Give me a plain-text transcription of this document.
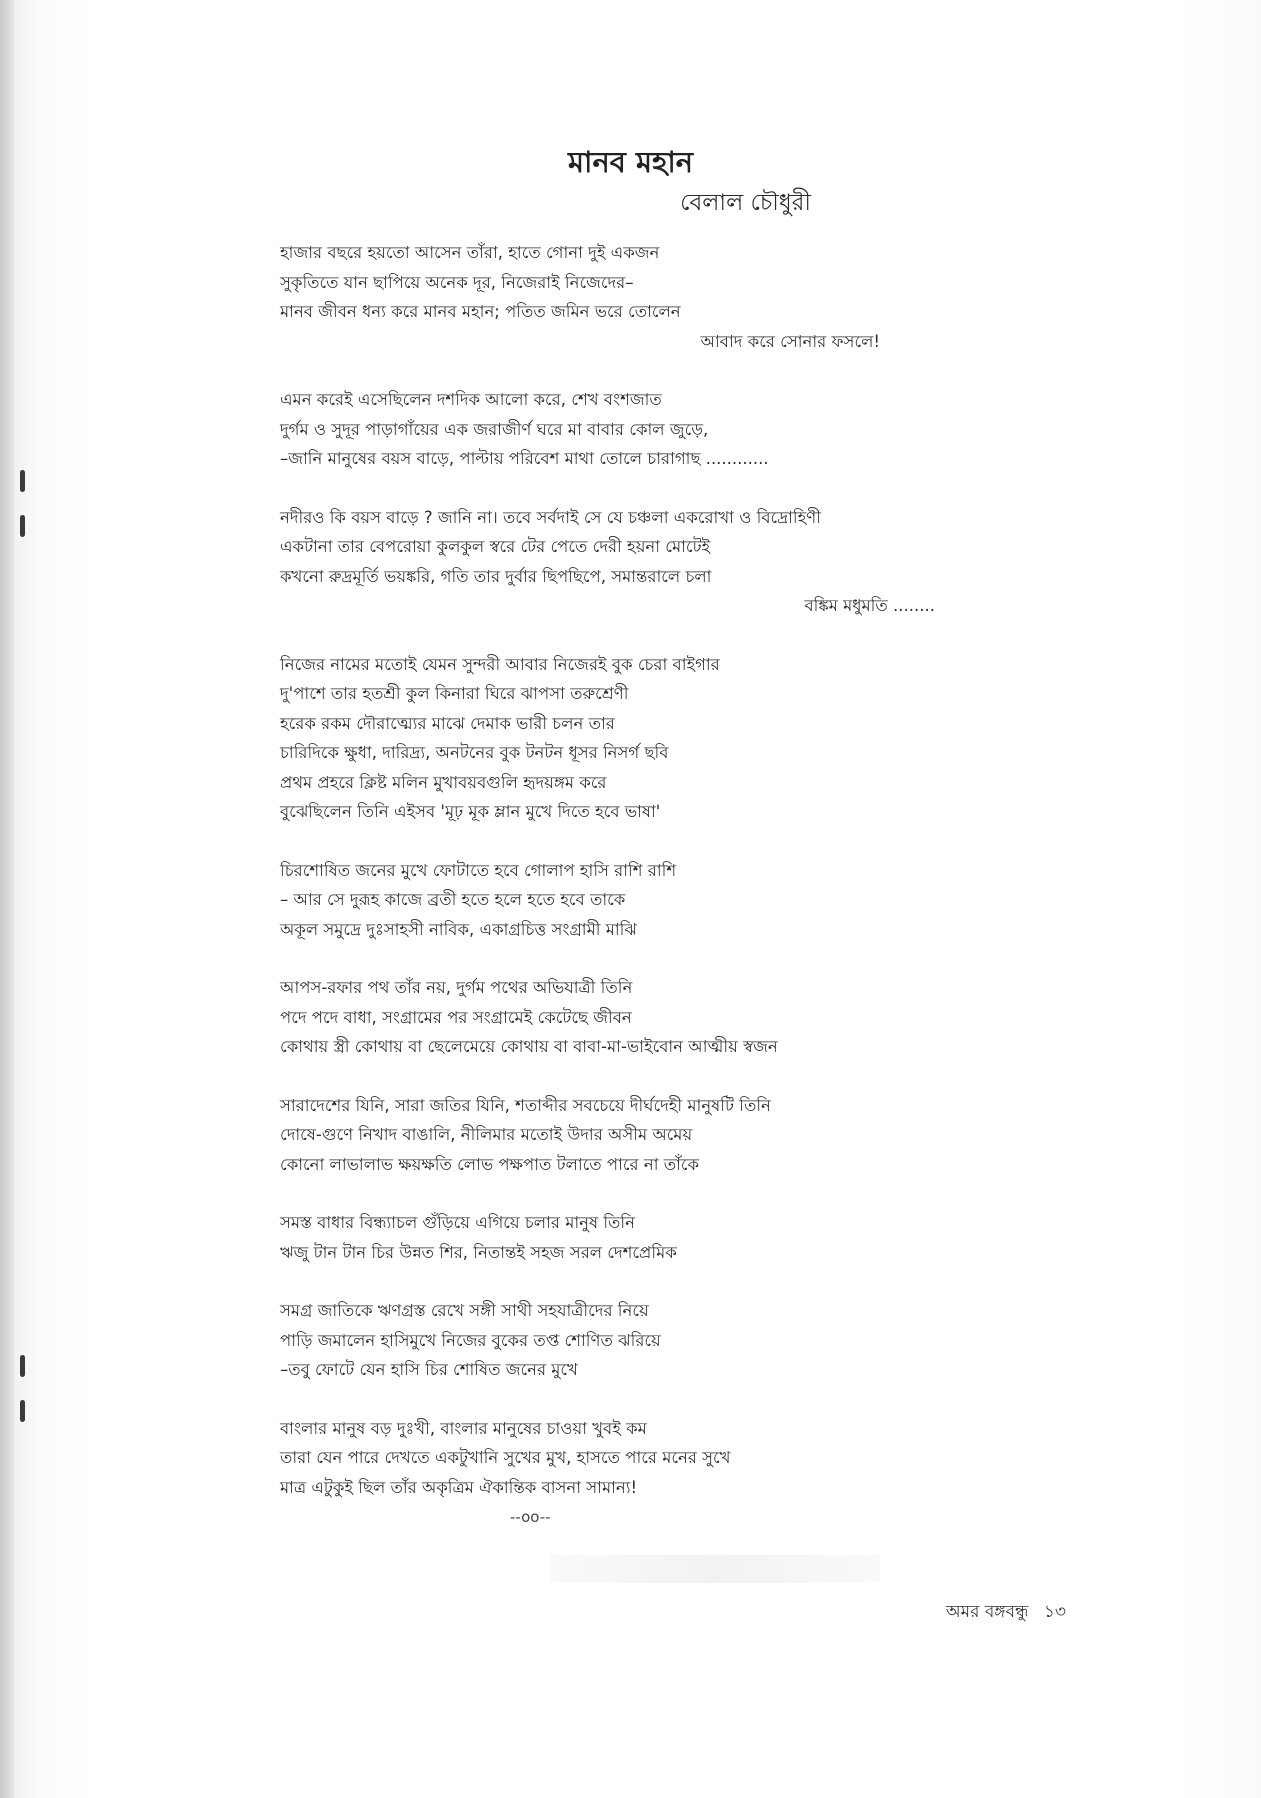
মানব মহান
বেলাল চৌধুরী
হাজার বছরে হয়তো আসেন তাঁরা, হাতে গোনা দুই একজন
সুকৃতিতে যান ছাপিয়ে অনেক দূর, নিজেরাই নিজেদের–
মানব জীবন ধন্য করে মানব মহান; পতিত জমিন ভরে তোলেন
আবাদ করে সোনার ফসলে!
এমন করেই এসেছিলেন দশদিক আলো করে, শেখ বংশজাত
দুর্গম ও সুদূর পাড়াগাঁয়ের এক জরাজীর্ণ ঘরে মা বাবার কোল জুড়ে,
–জানি মানুষের বয়স বাড়ে, পাল্টায় পরিবেশ মাথা তোলে চারাগাছ ............
নদীরও কি বয়স বাড়ে ? জানি না। তবে সর্বদাই সে যে চঞ্চলা একরোখা ও বিদ্রোহিণী
একটানা তার বেপরোয়া কুলকুল স্বরে টের পেতে দেরী হয়না মোটেই
কখনো রুদ্রমূর্তি ভয়ঙ্করি, গতি তার দুর্বার ছিপছিপে, সমান্তরালে চলা
বঙ্কিম মধুমতি ........
নিজের নামের মতোই যেমন সুন্দরী আবার নিজেরই বুক চেরা বাইগার
দু'পাশে তার হতশ্রী কুল কিনারা ঘিরে ঝাপসা তরুশ্রেণী
হরেক রকম দৌরাত্ম্যের মাঝে দেমাক ভারী চলন তার
চারিদিকে ক্ষুধা, দারিদ্র্য, অনটনের বুক টনটন ধূসর নিসর্গ ছবি
প্রথম প্রহরে ক্লিষ্ট মলিন মুখাবয়বগুলি হৃদয়ঙ্গম করে
বুঝেছিলেন তিনি এইসব 'মূঢ় মূক ম্লান মুখে দিতে হবে ভাষা'
চিরশোষিত জনের মুখে ফোটাতে হবে গোলাপ হাসি রাশি রাশি
– আর সে দুরূহ কাজে ব্রতী হতে হলে হতে হবে তাকে
অকূল সমুদ্রে দুঃসাহসী নাবিক, একাগ্রচিত্ত সংগ্রামী মাঝি
আপস-রফার পথ তাঁর নয়, দুর্গম পথের অভিযাত্রী তিনি
পদে পদে বাধা, সংগ্রামের পর সংগ্রামেই কেটেছে জীবন
কোথায় স্ত্রী কোথায় বা ছেলেমেয়ে কোথায় বা বাবা-মা-ভাইবোন আত্মীয় স্বজন
সারাদেশের যিনি, সারা জতির যিনি, শতাব্দীর সবচেয়ে দীর্ঘদেহী মানুষটি তিনি
দোষে-গুণে নিখাদ বাঙালি, নীলিমার মতোই উদার অসীম অমেয়
কোনো লাভালাভ ক্ষয়ক্ষতি লোভ পক্ষপাত টলাতে পারে না তাঁকে
সমস্ত বাধার বিন্ধ্যাচল গুঁড়িয়ে এগিয়ে চলার মানুষ তিনি
ঋজু টান টান চির উন্নত শির, নিতান্তই সহজ সরল দেশপ্রেমিক
সমগ্র জাতিকে ঋণগ্রস্ত রেখে সঙ্গী সাথী সহযাত্রীদের নিয়ে
পাড়ি জমালেন হাসিমুখে নিজের বুকের তপ্ত শোণিত ঝরিয়ে
–তবু ফোটে যেন হাসি চির শোষিত জনের মুখে
বাংলার মানুষ বড় দুঃখী, বাংলার মানুষের চাওয়া খুবই কম
তারা যেন পারে দেখতে একটুখানি সুখের মুখ, হাসতে পারে মনের সুখে
মাত্র এটুকুই ছিল তাঁর অকৃত্রিম ঐকান্তিক বাসনা সামান্য!
--oo--
অমর বঙ্গবন্ধু ১৩
